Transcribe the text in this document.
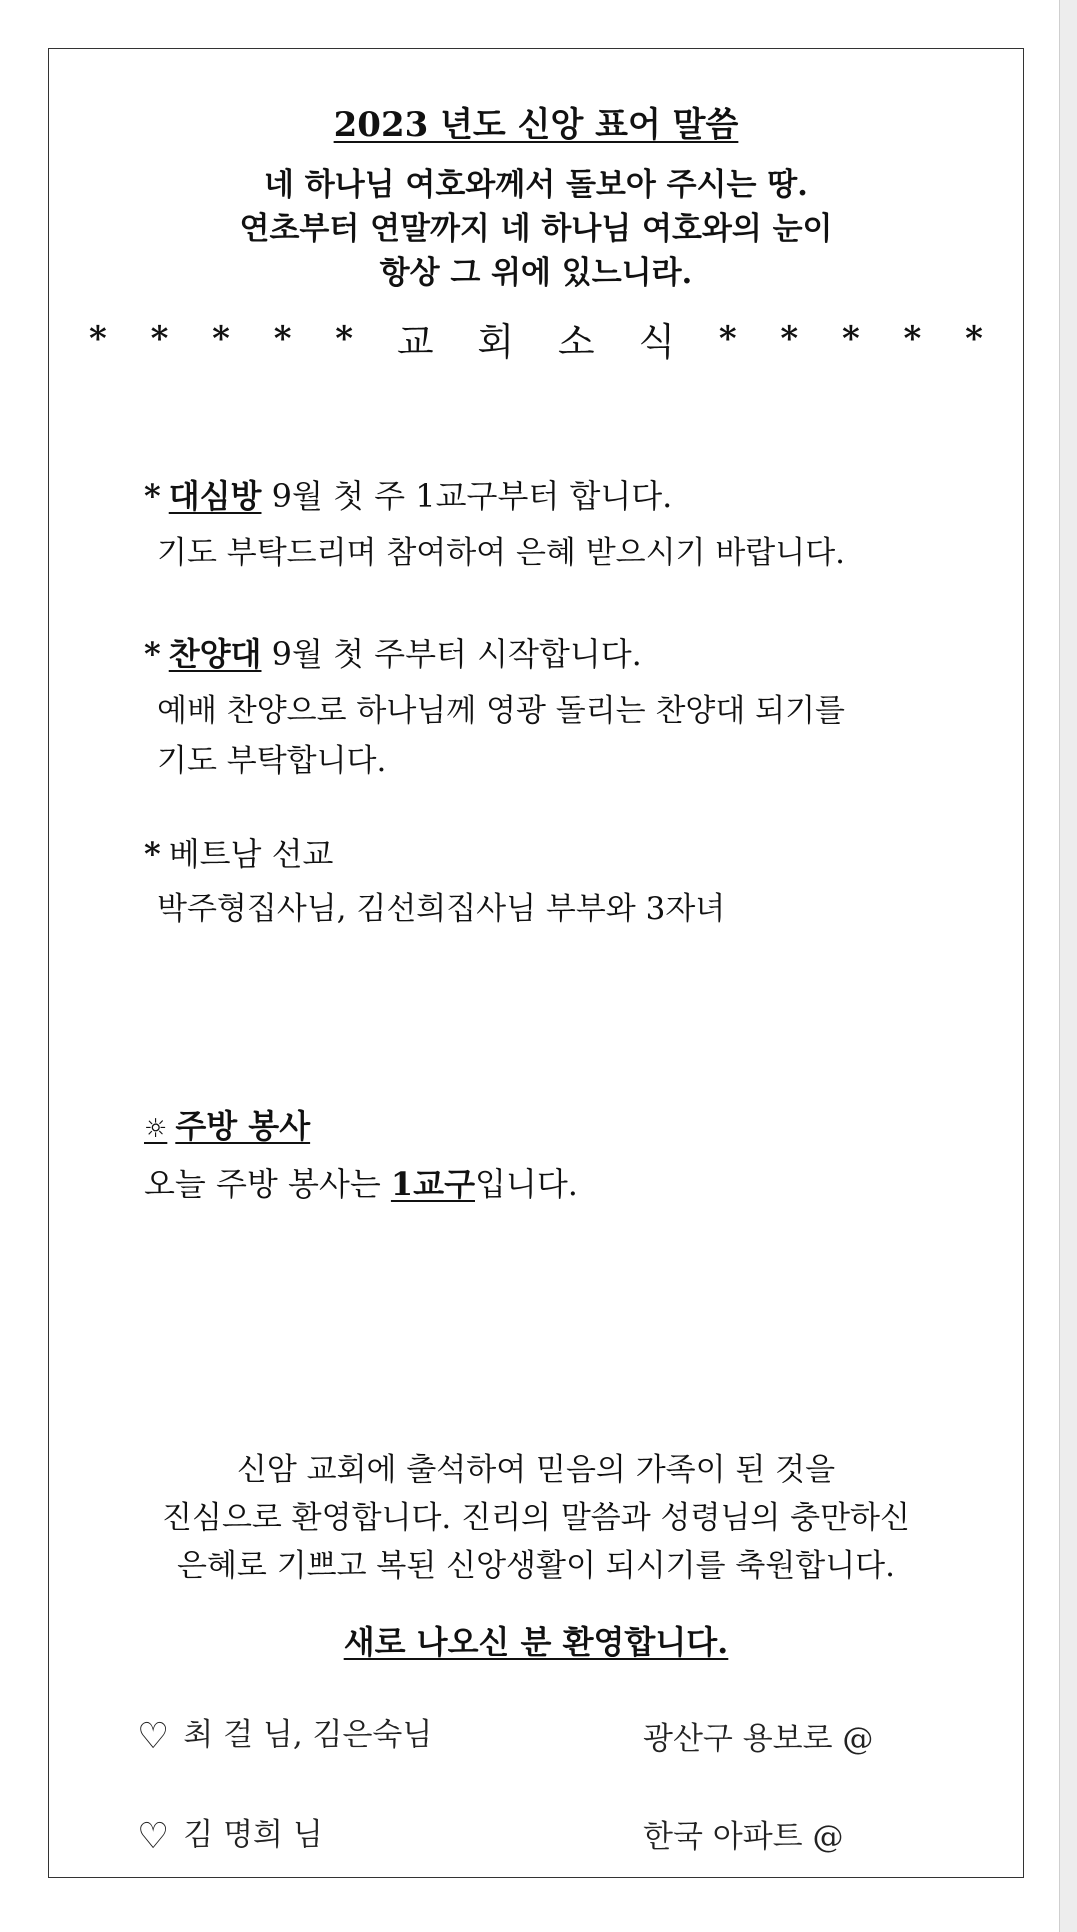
2023 년도 신앙 표어 말씀
네 하나님 여호와께서 돌보아 주시는 땅.
연초부터 연말까지 네 하나님 여호와의 눈이
항상 그 위에 있느니라.
* * * * * 교 회 소 식 * * * * *
* 대심방 9월 첫 주 1교구부터 합니다.
기도 부탁드리며 참여하여 은혜 받으시기 바랍니다.
* 찬양대 9월 첫 주부터 시작합니다.
예배 찬양으로 하나님께 영광 돌리는 찬양대 되기를
기도 부탁합니다.
* 베트남 선교
박주형집사님, 김선희집사님 부부와 3자녀
☼ 주방 봉사
오늘 주방 봉사는 1교구입니다.
신암 교회에 출석하여 믿음의 가족이 된 것을
진심으로 환영합니다. 진리의 말씀과 성령님의 충만하신
은혜로 기쁘고 복된 신앙생활이 되시기를 축원합니다.
새로 나오신 분 환영합니다.
♡ 최 걸 님, 김은숙님	광산구 용보로 @
♡ 김 명희 님	한국 아파트 @
